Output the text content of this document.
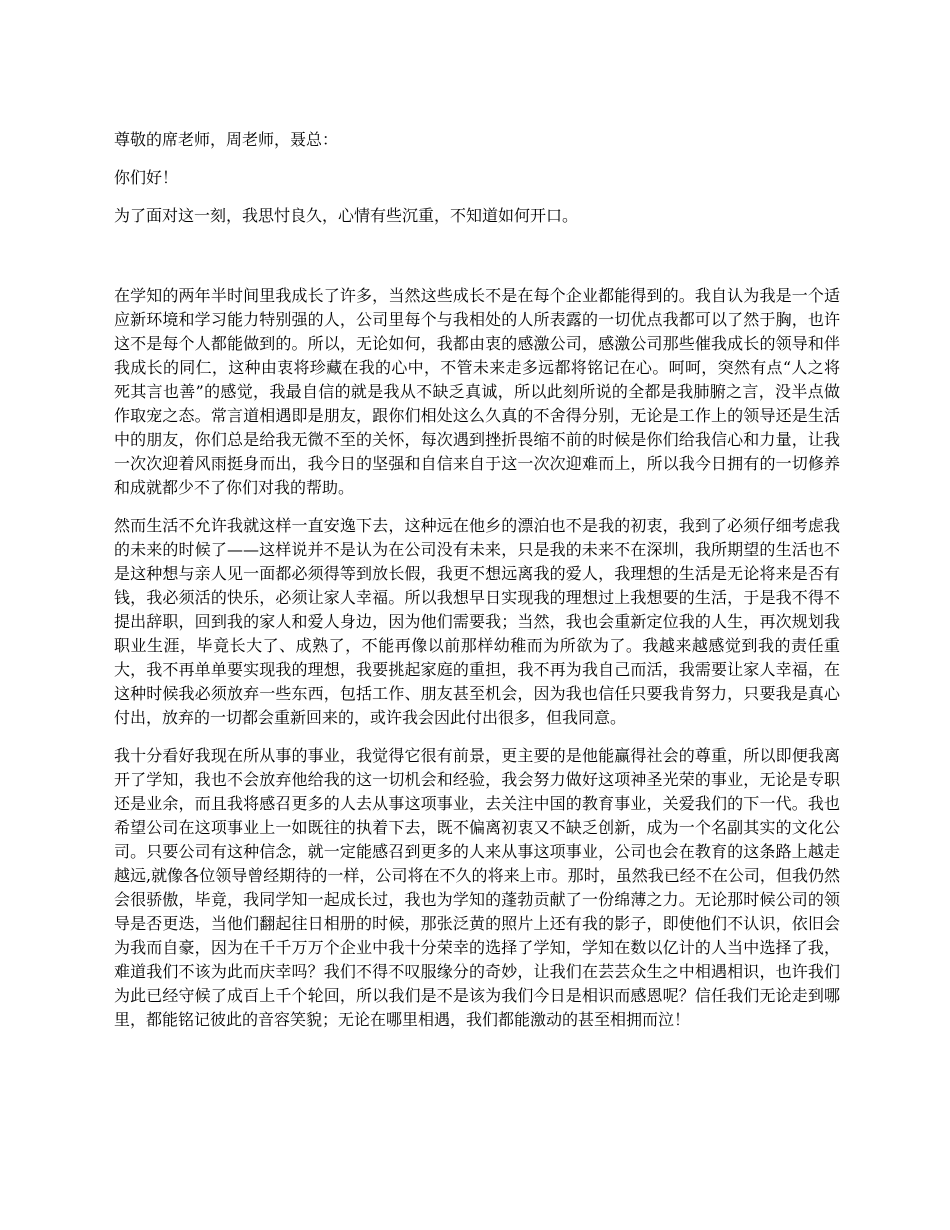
尊敬的席老师，周老师，聂总：

你们好！

为了面对这一刻，我思忖良久，心情有些沉重，不知道如何开口。

在学知的两年半时间里我成长了许多，当然这些成长不是在每个企业都能得到的。我自认为我是一个适应新环境和学习能力特别强的人，公司里每个与我相处的人所表露的一切优点我都可以了然于胸，也许这不是每个人都能做到的。所以，无论如何，我都由衷的感激公司，感激公司那些催我成长的领导和伴我成长的同仁，这种由衷将珍藏在我的心中，不管未来走多远都将铭记在心。呵呵，突然有点“人之将死其言也善”的感觉，我最自信的就是我从不缺乏真诚，所以此刻所说的全都是我肺腑之言，没半点做作取宠之态。常言道相遇即是朋友，跟你们相处这么久真的不舍得分别，无论是工作上的领导还是生活中的朋友，你们总是给我无微不至的关怀，每次遇到挫折畏缩不前的时候是你们给我信心和力量，让我一次次迎着风雨挺身而出，我今日的坚强和自信来自于这一次次迎难而上，所以我今日拥有的一切修养和成就都少不了你们对我的帮助。

然而生活不允许我就这样一直安逸下去，这种远在他乡的漂泊也不是我的初衷，我到了必须仔细考虑我的未来的时候了——这样说并不是认为在公司没有未来，只是我的未来不在深圳，我所期望的生活也不是这种想与亲人见一面都必须得等到放长假，我更不想远离我的爱人，我理想的生活是无论将来是否有钱，我必须活的快乐，必须让家人幸福。所以我想早日实现我的理想过上我想要的生活，于是我不得不提出辞职，回到我的家人和爱人身边，因为他们需要我；当然，我也会重新定位我的人生，再次规划我职业生涯，毕竟长大了、成熟了，不能再像以前那样幼稚而为所欲为了。我越来越感觉到我的责任重大，我不再单单要实现我的理想，我要挑起家庭的重担，我不再为我自己而活，我需要让家人幸福，在这种时候我必须放弃一些东西，包括工作、朋友甚至机会，因为我也信任只要我肯努力，只要我是真心付出，放弃的一切都会重新回来的，或许我会因此付出很多，但我同意。

我十分看好我现在所从事的事业，我觉得它很有前景，更主要的是他能赢得社会的尊重，所以即便我离开了学知，我也不会放弃他给我的这一切机会和经验，我会努力做好这项神圣光荣的事业，无论是专职还是业余，而且我将感召更多的人去从事这项事业，去关注中国的教育事业，关爱我们的下一代。我也希望公司在这项事业上一如既往的执着下去，既不偏离初衷又不缺乏创新，成为一个名副其实的文化公司。只要公司有这种信念，就一定能感召到更多的人来从事这项事业，公司也会在教育的这条路上越走越远,就像各位领导曾经期待的一样，公司将在不久的将来上市。那时，虽然我已经不在公司，但我仍然会很骄傲，毕竟，我同学知一起成长过，我也为学知的蓬勃贡献了一份绵薄之力。无论那时候公司的领导是否更迭，当他们翻起往日相册的时候，那张泛黄的照片上还有我的影子，即使他们不认识，依旧会为我而自豪，因为在千千万万个企业中我十分荣幸的选择了学知，学知在数以亿计的人当中选择了我，难道我们不该为此而庆幸吗？我们不得不叹服缘分的奇妙，让我们在芸芸众生之中相遇相识，也许我们为此已经守候了成百上千个轮回，所以我们是不是该为我们今日是相识而感恩呢？信任我们无论走到哪里，都能铭记彼此的音容笑貌；无论在哪里相遇，我们都能激动的甚至相拥而泣！
